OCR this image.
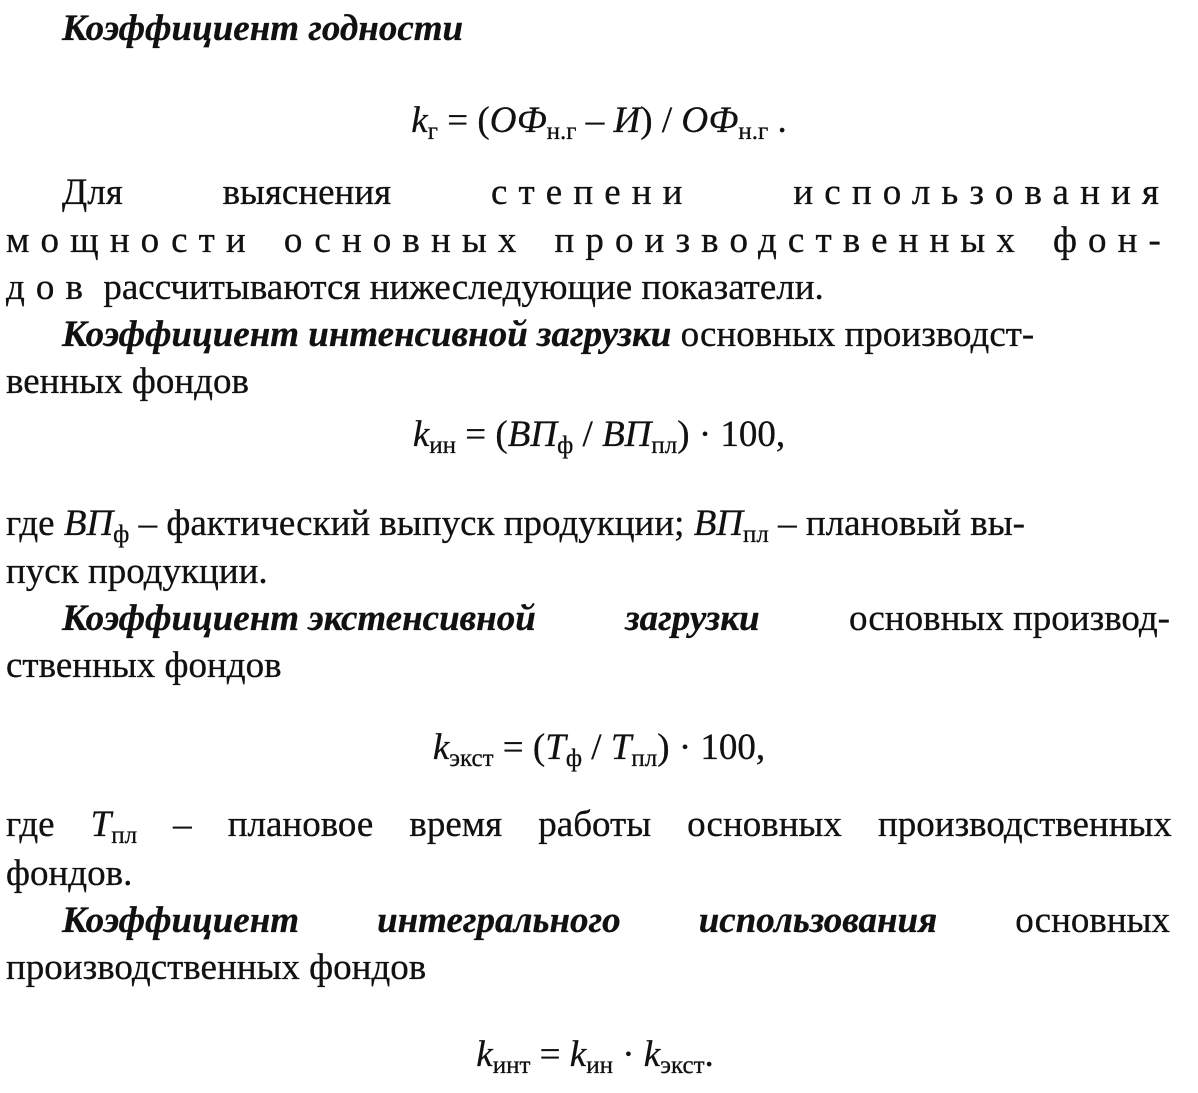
Коэффициент годности
$k_г = (ОФ_{н.г} - И) / ОФ_{н.г}$ .
Для	выяснения	степени	использования
мощности основных производственных фон-
дов рассчитываются нижеследующие показатели.
Коэффициент интенсивной загрузки основных производст-
венных фондов
$k_{ин} = (ВП_ф / ВП_{пл}) \cdot 100$,
где $ВП_ф$ – фактический выпуск продукции; $ВП_{пл}$ – плановый вы-
пуск продукции.
Коэффициент экстенсивной загрузки основных производ-
ственных фондов
$k_{экст} = (Т_ф / Т_{пл}) \cdot 100$,
где $Т_{пл}$ – плановое время работы основных производственных
фондов.
Коэффициент интегрального использования основных
производственных фондов
$k_{инт} = k_{ин} \cdot k_{экст}$.
